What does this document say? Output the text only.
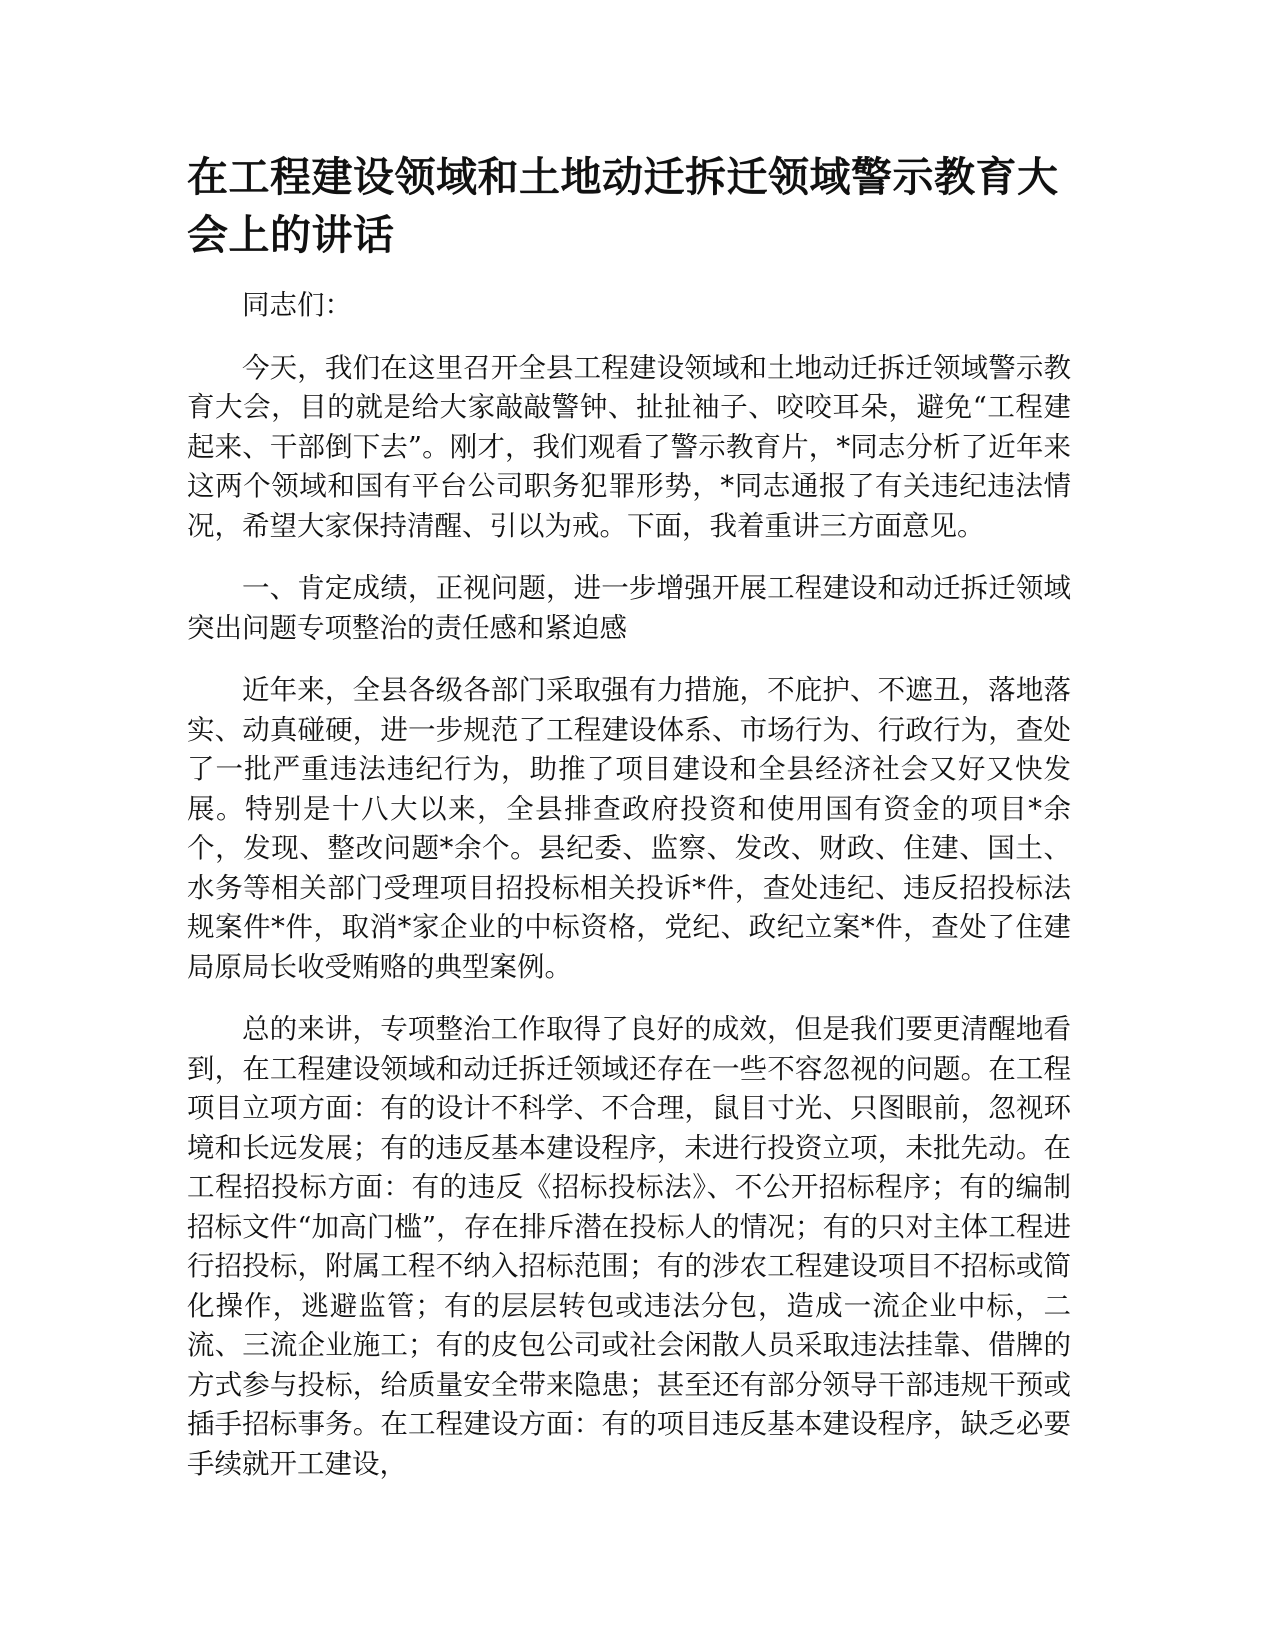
在工程建设领域和土地动迁拆迁领域警示教育大会上的讲话

同志们：

今天，我们在这里召开全县工程建设领域和土地动迁拆迁领域警示教育大会，目的就是给大家敲敲警钟、扯扯袖子、咬咬耳朵，避免“工程建起来、干部倒下去”。刚才，我们观看了警示教育片，*同志分析了近年来这两个领域和国有平台公司职务犯罪形势，*同志通报了有关违纪违法情况，希望大家保持清醒、引以为戒。下面，我着重讲三方面意见。

一、肯定成绩，正视问题，进一步增强开展工程建设和动迁拆迁领域突出问题专项整治的责任感和紧迫感

近年来，全县各级各部门采取强有力措施，不庇护、不遮丑，落地落实、动真碰硬，进一步规范了工程建设体系、市场行为、行政行为，查处了一批严重违法违纪行为，助推了项目建设和全县经济社会又好又快发展。特别是十八大以来，全县排查政府投资和使用国有资金的项目*余个，发现、整改问题*余个。县纪委、监察、发改、财政、住建、国土、水务等相关部门受理项目招投标相关投诉*件，查处违纪、违反招投标法规案件*件，取消*家企业的中标资格，党纪、政纪立案*件，查处了住建局原局长收受贿赂的典型案例。

总的来讲，专项整治工作取得了良好的成效，但是我们要更清醒地看到，在工程建设领域和动迁拆迁领域还存在一些不容忽视的问题。在工程项目立项方面：有的设计不科学、不合理，鼠目寸光、只图眼前，忽视环境和长远发展；有的违反基本建设程序，未进行投资立项，未批先动。在工程招投标方面：有的违反《招标投标法》、不公开招标程序；有的编制招标文件“加高门槛”，存在排斥潜在投标人的情况；有的只对主体工程进行招投标，附属工程不纳入招标范围；有的涉农工程建设项目不招标或简化操作，逃避监管；有的层层转包或违法分包，造成一流企业中标，二流、三流企业施工；有的皮包公司或社会闲散人员采取违法挂靠、借牌的方式参与投标，给质量安全带来隐患；甚至还有部分领导干部违规干预或插手招标事务。在工程建设方面：有的项目违反基本建设程序，缺乏必要手续就开工建设，
